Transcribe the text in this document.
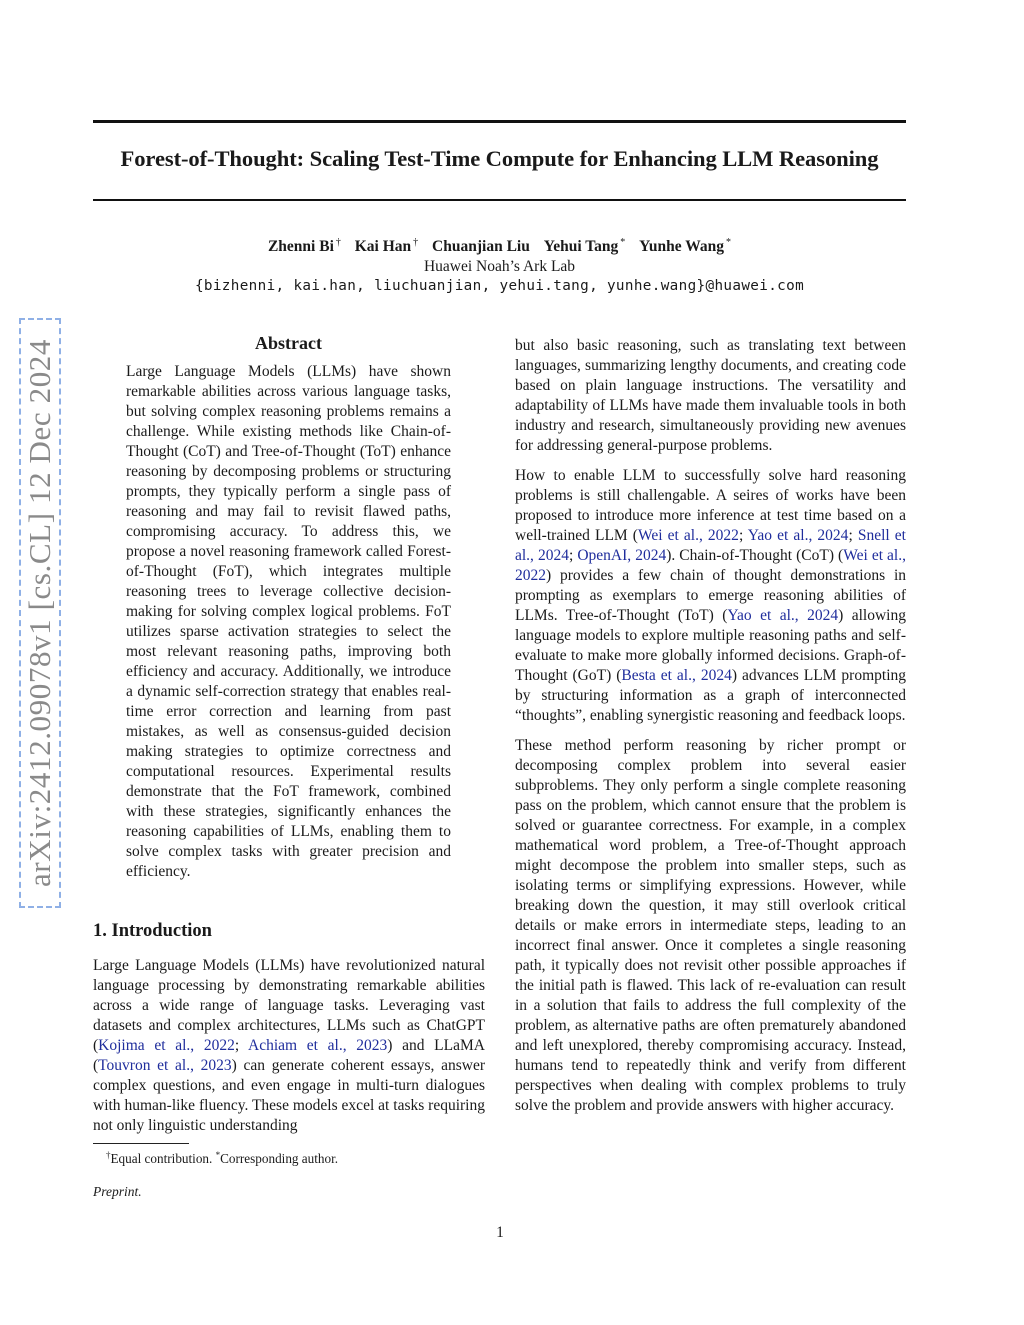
Forest-of-Thought: Scaling Test-Time Compute for Enhancing LLM Reasoning
Zhenni Bi † Kai Han † Chuanjian Liu Yehui Tang * Yunhe Wang *
Huawei Noah’s Ark Lab
{bizhenni, kai.han, liuchuanjian, yehui.tang, yunhe.wang}@huawei.com
arXiv:2412.09078v1 [cs.CL] 12 Dec 2024	Abstract
Large Language Models (LLMs) have shown remarkable abilities across various language tasks, but solving complex reasoning problems remains a challenge. While existing methods like Chain-of-Thought (CoT) and Tree-of-Thought (ToT) enhance reasoning by decomposing problems or structuring prompts, they typically perform a single pass of reasoning and may fail to revisit flawed paths, compromising accuracy. To address this, we propose a novel reasoning framework called Forest-of-Thought (FoT), which integrates multiple reasoning trees to leverage collective decision-making for solving complex logical problems. FoT utilizes sparse activation strategies to select the most relevant reasoning paths, improving both efficiency and accuracy. Additionally, we introduce a dynamic self-correction strategy that enables real-time error correction and learning from past mistakes, as well as consensus-guided decision making strategies to optimize correctness and computational resources. Experimental results demonstrate that the FoT framework, combined with these strategies, significantly enhances the reasoning capabilities of LLMs, enabling them to solve complex tasks with greater precision and efficiency.
1. Introduction
Large Language Models (LLMs) have revolutionized natural language processing by demonstrating remarkable abilities across a wide range of language tasks. Leveraging vast datasets and complex architectures, LLMs such as ChatGPT (Kojima et al., 2022; Achiam et al., 2023) and LLaMA (Touvron et al., 2023) can generate coherent essays, answer complex questions, and even engage in multi-turn dialogues with human-like fluency. These models excel at tasks requiring not only linguistic understanding
†Equal contribution. *Corresponding author.
Preprint.
1

but also basic reasoning, such as translating text between languages, summarizing lengthy documents, and creating code based on plain language instructions. The versatility and adaptability of LLMs have made them invaluable tools in both industry and research, simultaneously providing new avenues for addressing general-purpose problems.

How to enable LLM to successfully solve hard reasoning problems is still challengable. A seires of works have been proposed to introduce more inference at test time based on a well-trained LLM (Wei et al., 2022; Yao et al., 2024; Snell et al., 2024; OpenAI, 2024). Chain-of-Thought (CoT) (Wei et al., 2022) provides a few chain of thought demonstrations in prompting as exemplars to emerge reasoning abilities of LLMs. Tree-of-Thought (ToT) (Yao et al., 2024) allowing language models to explore multiple reasoning paths and self-evaluate to make more globally informed decisions. Graph-of-Thought (GoT) (Besta et al., 2024) advances LLM prompting by structuring information as a graph of interconnected “thoughts”, enabling synergistic reasoning and feedback loops.

These method perform reasoning by richer prompt or decomposing complex problem into several easier subproblems. They only perform a single complete reasoning pass on the problem, which cannot ensure that the problem is solved or guarantee correctness. For example, in a complex mathematical word problem, a Tree-of-Thought approach might decompose the problem into smaller steps, such as isolating terms or simplifying expressions. However, while breaking down the question, it may still overlook critical details or make errors in intermediate steps, leading to an incorrect final answer. Once it completes a single reasoning path, it typically does not revisit other possible approaches if the initial path is flawed. This lack of re-evaluation can result in a solution that fails to address the full complexity of the problem, as alternative paths are often prematurely abandoned and left unexplored, thereby compromising accuracy. Instead, humans tend to repeatedly think and verify from different perspectives when dealing with complex problems to truly solve the problem and provide answers with higher accuracy.
